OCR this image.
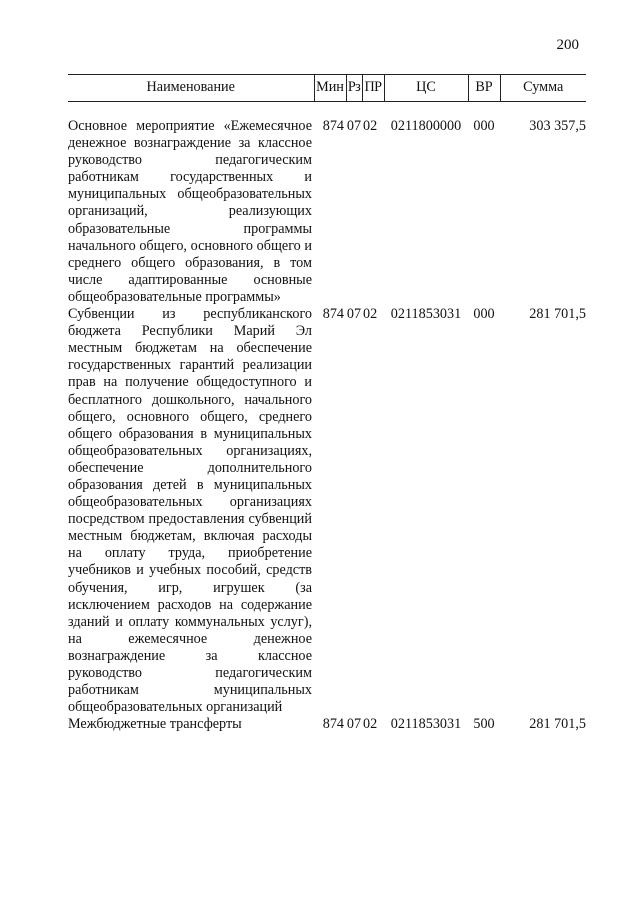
200
Наименование	Мин	Рз	ПР	ЦС	ВР	Сумма

Основное мероприятие «Ежемесячное денежное вознаграждение за классное руководство педагогическим работникам государственных и муниципальных общеобразовательных организаций, реализующих образовательные программы начального общего, основного общего и среднего общего образования, в том числе адаптированные основные общеобразовательные программы»	874	07	02	0211800000	000	303 357,5
Субвенции из республиканского бюджета Республики Марий Эл местным бюджетам на обеспечение государственных гарантий реализации прав на получение общедоступного и бесплатного дошкольного, начального общего, основного общего, среднего общего образования в муниципальных общеобразовательных организациях, обеспечение дополнительного образования детей в муниципальных общеобразовательных организациях посредством предоставления субвенций местным бюджетам, включая расходы на оплату труда, приобретение учебников и учебных пособий, средств обучения, игр, игрушек (за исключением расходов на содержание зданий и оплату коммунальных услуг), на ежемесячное денежное вознаграждение за классное руководство педагогическим работникам муниципальных общеобразовательных организаций	874	07	02	0211853031	000	281 701,5
Межбюджетные трансферты	874	07	02	0211853031	500	281 701,5
